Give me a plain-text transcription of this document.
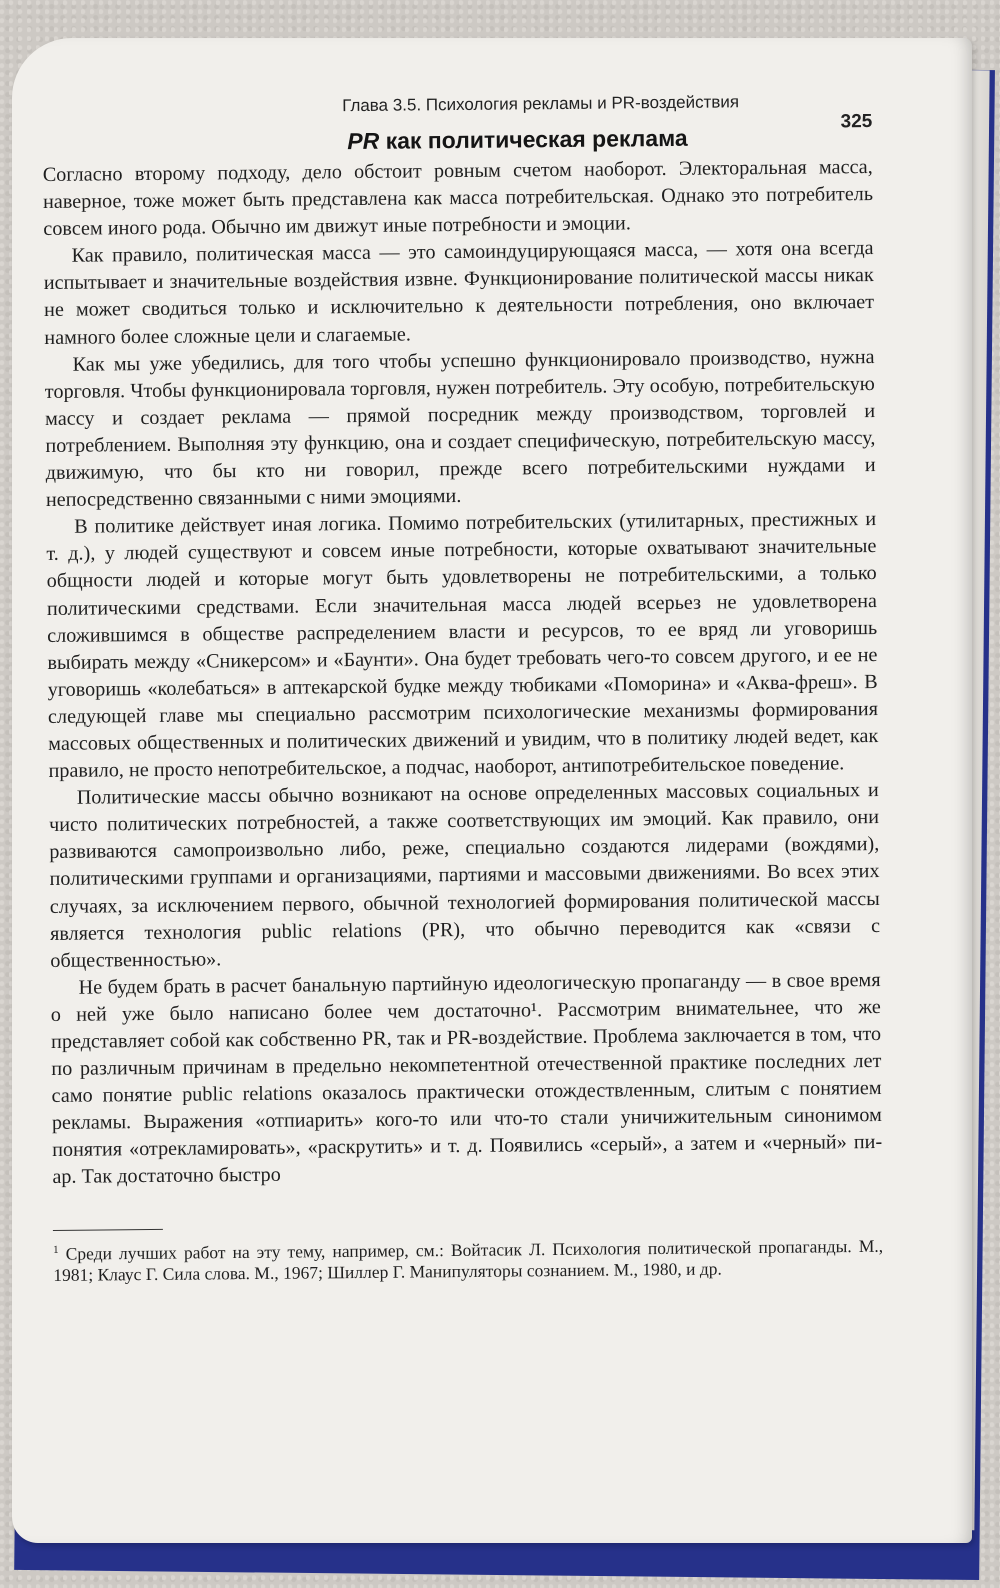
Глава 3.5. Психология рекламы и PR-воздействия
325
PR как политическая реклама

Согласно второму подходу, дело обстоит ровным счетом наоборот. Электоральная масса, наверное, тоже может быть представлена как масса потребительская. Однако это потребитель совсем иного рода. Обычно им движут иные потребности и эмоции.

Как правило, политическая масса — это самоиндуцирующаяся масса, — хотя она всегда испытывает и значительные воздействия извне. Функционирование политической массы никак не может сводиться только и исключительно к деятельности потребления, оно включает намного более сложные цели и слагаемые.

Как мы уже убедились, для того чтобы успешно функционировало производство, нужна торговля. Чтобы функционировала торговля, нужен потребитель. Эту особую, потребительскую массу и создает реклама — прямой посредник между производством, торговлей и потреблением. Выполняя эту функцию, она и создает специфическую, потребительскую массу, движимую, что бы кто ни говорил, прежде всего потребительскими нуждами и непосредственно связанными с ними эмоциями.

В политике действует иная логика. Помимо потребительских (утилитарных, престижных и т. д.), у людей существуют и совсем иные потребности, которые охватывают значительные общности людей и которые могут быть удовлетворены не потребительскими, а только политическими средствами. Если значительная масса людей всерьез не удовлетворена сложившимся в обществе распределением власти и ресурсов, то ее вряд ли уговоришь выбирать между «Сникерсом» и «Баунти». Она будет требовать чего-то совсем другого, и ее не уговоришь «колебаться» в аптекарской будке между тюбиками «Поморина» и «Аква-фреш». В следующей главе мы специально рассмотрим психологические механизмы формирования массовых общественных и политических движений и увидим, что в политику людей ведет, как правило, не просто непотребительское, а подчас, наоборот, антипотребительское поведение.

Политические массы обычно возникают на основе определенных массовых социальных и чисто политических потребностей, а также соответствующих им эмоций. Как правило, они развиваются самопроизвольно либо, реже, специально создаются лидерами (вождями), политическими группами и организациями, партиями и массовыми движениями. Во всех этих случаях, за исключением первого, обычной технологией формирования политической массы является технология public relations (PR), что обычно переводится как «связи с общественностью».

Не будем брать в расчет банальную партийную идеологическую пропаганду — в свое время о ней уже было написано более чем достаточно¹. Рассмотрим внимательнее, что же представляет собой как собственно PR, так и PR-воздействие. Проблема заключается в том, что по различным причинам в предельно некомпетентной отечественной практике последних лет само понятие public relations оказалось практически отождествленным, слитым с понятием рекламы. Выражения «отпиарить» кого-то или что-то стали уничижительным синонимом понятия «отрекламировать», «раскрутить» и т. д. Появились «серый», а затем и «черный» пи-ар. Так достаточно быстро

$^1$ Среди лучших работ на эту тему, например, см.: Войтасик Л. Психология политической пропаганды. М., 1981; Клаус Г. Сила слова. М., 1967; Шиллер Г. Манипуляторы сознанием. М., 1980, и др.
